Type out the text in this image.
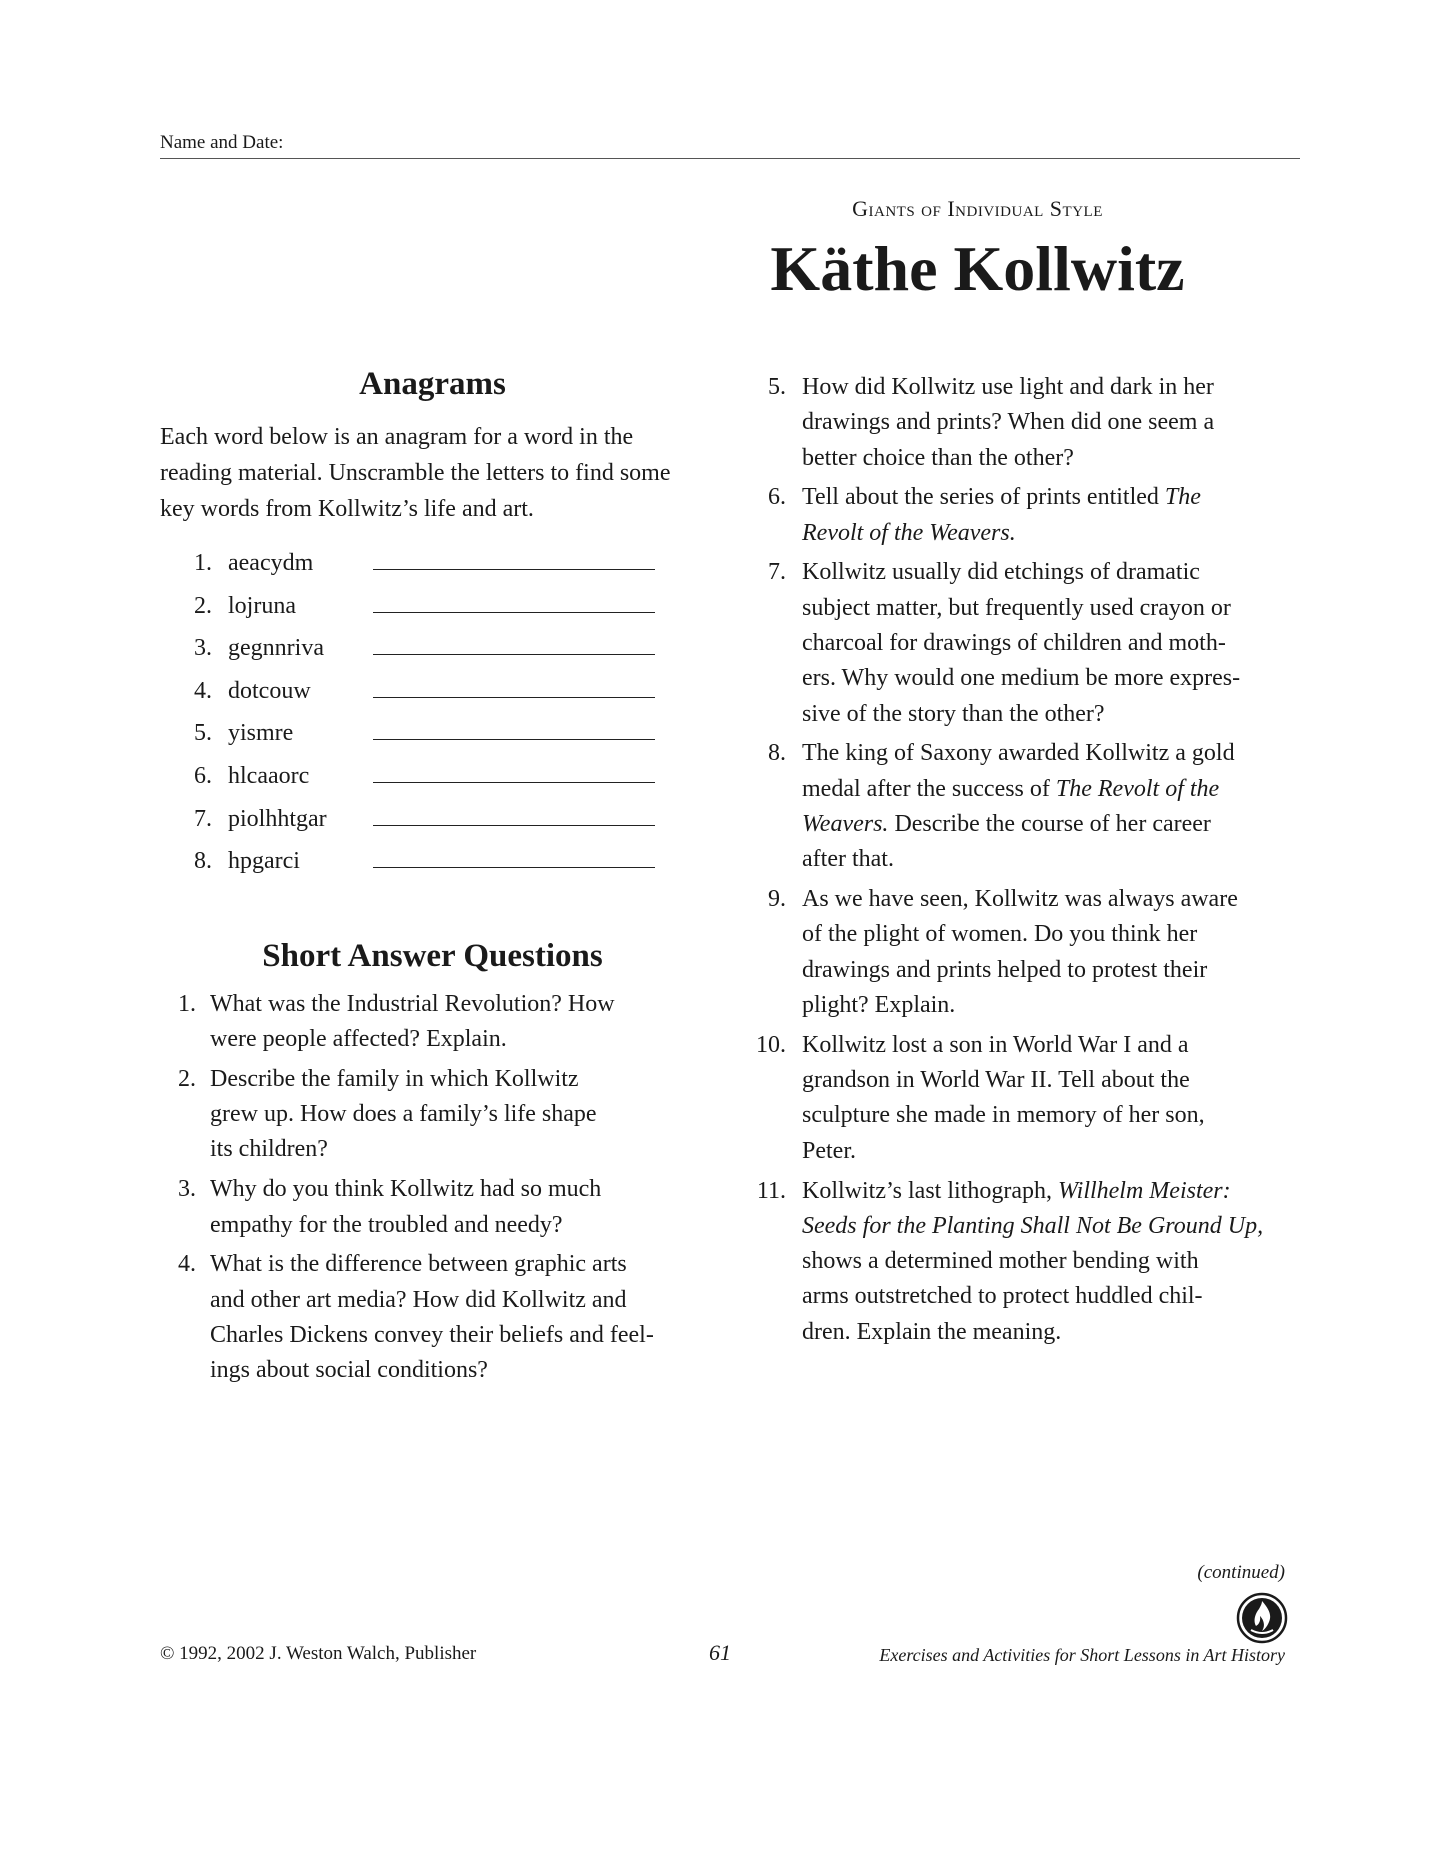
Name and Date:
Giants of Individual Style
Käthe Kollwitz
Anagrams

Each word below is an anagram for a word in the reading material. Unscramble the letters to find some key words from Kollwitz’s life and art.

1. aeacydm
2. lojruna
3. gegnnriva
4. dotcouw
5. yismre
6. hlcaaorc
7. piolhhtgar
8. hpgarci
Short Answer Questions
1. What was the Industrial Revolution? How
were people affected? Explain.
2. Describe the family in which Kollwitz
grew up. How does a family’s life shape
its children?
3. Why do you think Kollwitz had so much
empathy for the troubled and needy?
4. What is the difference between graphic arts
and other art media? How did Kollwitz and
Charles Dickens convey their beliefs and feel-
ings about social conditions?
5. How did Kollwitz use light and dark in her
drawings and prints? When did one seem a
better choice than the other?
6. Tell about the series of prints entitled The
Revolt of the Weavers.
7. Kollwitz usually did etchings of dramatic
subject matter, but frequently used crayon or
charcoal for drawings of children and moth-
ers. Why would one medium be more expres-
sive of the story than the other?
8. The king of Saxony awarded Kollwitz a gold
medal after the success of The Revolt of the
Weavers. Describe the course of her career
after that.
9. As we have seen, Kollwitz was always aware
of the plight of women. Do you think her
drawings and prints helped to protest their
plight? Explain.
10. Kollwitz lost a son in World War I and a
grandson in World War II. Tell about the
sculpture she made in memory of her son,
Peter.
11. Kollwitz’s last lithograph, Willhelm Meister:
Seeds for the Planting Shall Not Be Ground Up,
shows a determined mother bending with
arms outstretched to protect huddled chil-
dren. Explain the meaning.
(continued)
© 1992, 2002 J. Weston Walch, Publisher	61	Exercises and Activities for Short Lessons in Art History
